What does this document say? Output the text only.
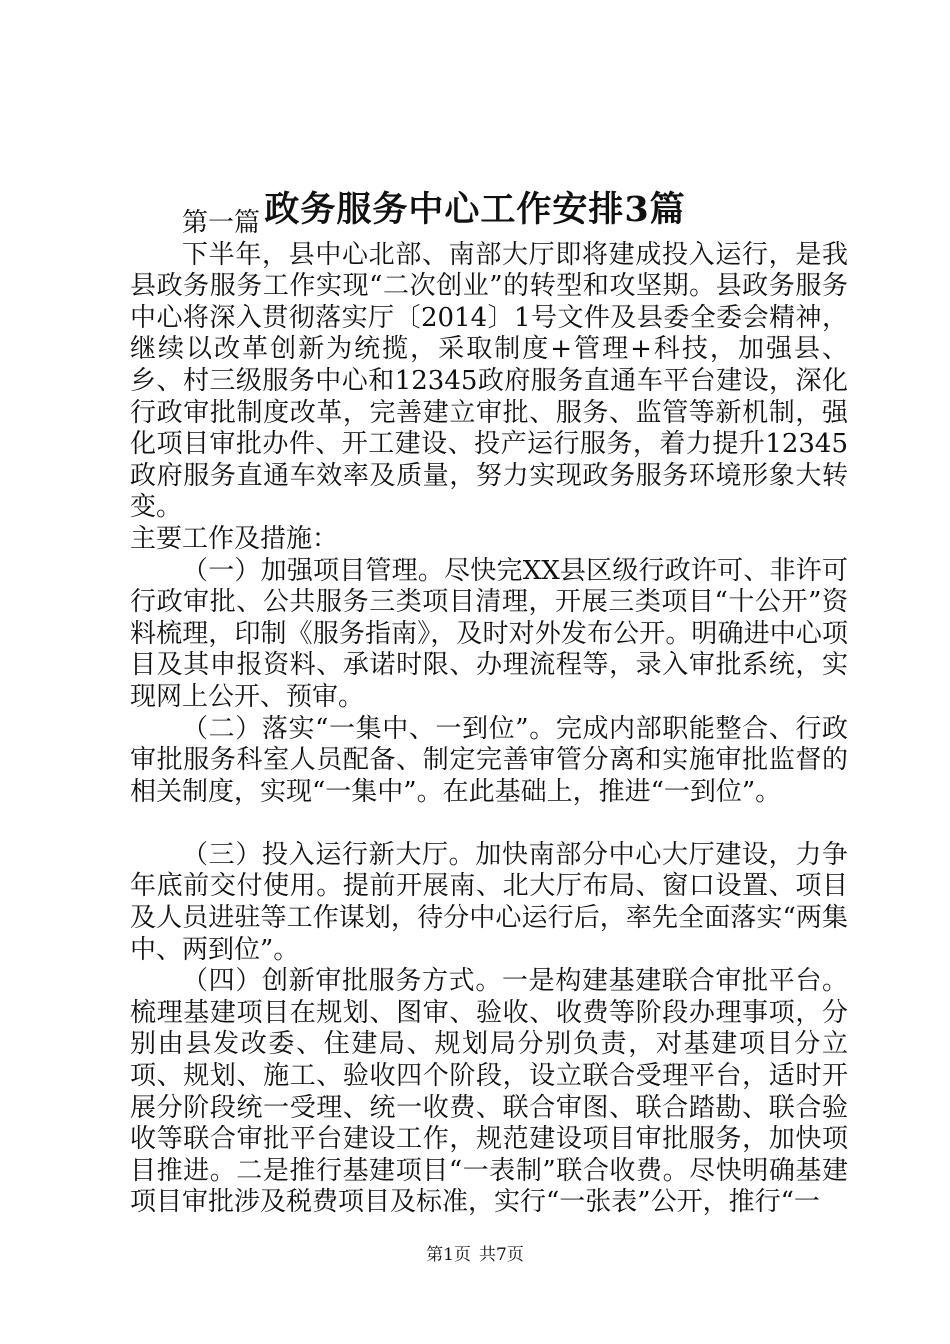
政务服务中心工作安排3篇

第一篇

下半年，县中心北部、南部大厅即将建成投入运行，是我县政务服务工作实现“二次创业”的转型和攻坚期。县政务服务中心将深入贯彻落实厅〔2014〕1号文件及县委全委会精神，继续以改革创新为统揽，采取制度+管理+科技，加强县、乡、村三级服务中心和12345政府服务直通车平台建设，深化行政审批制度改革，完善建立审批、服务、监管等新机制，强化项目审批办件、开工建设、投产运行服务，着力提升12345政府服务直通车效率及质量，努力实现政务服务环境形象大转变。

主要工作及措施：

（一）加强项目管理。尽快完XX县区级行政许可、非许可行政审批、公共服务三类项目清理，开展三类项目“十公开”资料梳理，印制《服务指南》，及时对外发布公开。明确进中心项目及其申报资料、承诺时限、办理流程等，录入审批系统，实现网上公开、预审。

（二）落实“一集中、一到位”。完成内部职能整合、行政审批服务科室人员配备、制定完善审管分离和实施审批监督的相关制度，实现“一集中”。在此基础上，推进“一到位”。

（三）投入运行新大厅。加快南部分中心大厅建设，力争年底前交付使用。提前开展南、北大厅布局、窗口设置、项目及人员进驻等工作谋划，待分中心运行后，率先全面落实“两集中、两到位”。

（四）创新审批服务方式。一是构建基建联合审批平台。梳理基建项目在规划、图审、验收、收费等阶段办理事项，分别由县发改委、住建局、规划局分别负责，对基建项目分立项、规划、施工、验收四个阶段，设立联合受理平台，适时开展分阶段统一受理、统一收费、联合审图、联合踏勘、联合验收等联合审批平台建设工作，规范建设项目审批服务，加快项目推进。二是推行基建项目“一表制”联合收费。尽快明确基建项目审批涉及税费项目及标准，实行“一张表”公开，推行“一

第1页 共7页
